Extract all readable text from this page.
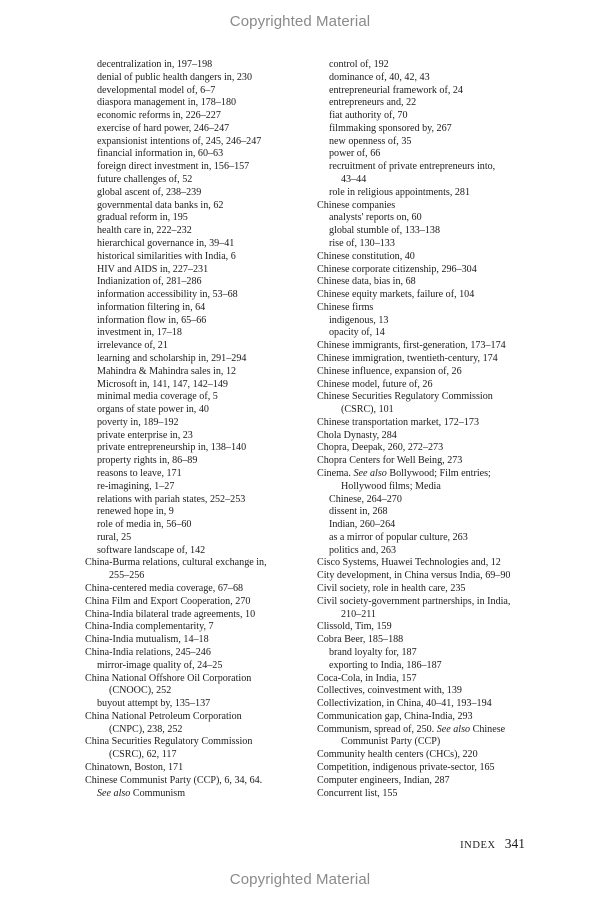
Copyrighted Material
decentralization in, 197–198
denial of public health dangers in, 230
developmental model of, 6–7
diaspora management in, 178–180
economic reforms in, 226–227
exercise of hard power, 246–247
expansionist intentions of, 245, 246–247
financial information in, 60–63
foreign direct investment in, 156–157
future challenges of, 52
global ascent of, 238–239
governmental data banks in, 62
gradual reform in, 195
health care in, 222–232
hierarchical governance in, 39–41
historical similarities with India, 6
HIV and AIDS in, 227–231
Indianization of, 281–286
information accessibility in, 53–68
information filtering in, 64
information flow in, 65–66
investment in, 17–18
irrelevance of, 21
learning and scholarship in, 291–294
Mahindra & Mahindra sales in, 12
Microsoft in, 141, 147, 142–149
minimal media coverage of, 5
organs of state power in, 40
poverty in, 189–192
private enterprise in, 23
private entrepreneurship in, 138–140
property rights in, 86–89
reasons to leave, 171
re-imagining, 1–27
relations with pariah states, 252–253
renewed hope in, 9
role of media in, 56–60
rural, 25
software landscape of, 142
China-Burma relations, cultural exchange in,
255–256
China-centered media coverage, 67–68
China Film and Export Cooperation, 270
China-India bilateral trade agreements, 10
China-India complementarity, 7
China-India mutualism, 14–18
China-India relations, 245–246
mirror-image quality of, 24–25
China National Offshore Oil Corporation
(CNOOC), 252
buyout attempt by, 135–137
China National Petroleum Corporation
(CNPC), 238, 252
China Securities Regulatory Commission
(CSRC), 62, 117
Chinatown, Boston, 171
Chinese Communist Party (CCP), 6, 34, 64.
See also Communism
control of, 192
dominance of, 40, 42, 43
entrepreneurial framework of, 24
entrepreneurs and, 22
fiat authority of, 70
filmmaking sponsored by, 267
new openness of, 35
power of, 66
recruitment of private entrepreneurs into,
43–44
role in religious appointments, 281
Chinese companies
analysts' reports on, 60
global stumble of, 133–138
rise of, 130–133
Chinese constitution, 40
Chinese corporate citizenship, 296–304
Chinese data, bias in, 68
Chinese equity markets, failure of, 104
Chinese firms
indigenous, 13
opacity of, 14
Chinese immigrants, first-generation, 173–174
Chinese immigration, twentieth-century, 174
Chinese influence, expansion of, 26
Chinese model, future of, 26
Chinese Securities Regulatory Commission
(CSRC), 101
Chinese transportation market, 172–173
Chola Dynasty, 284
Chopra, Deepak, 260, 272–273
Chopra Centers for Well Being, 273
Cinema. See also Bollywood; Film entries;
Hollywood films; Media
Chinese, 264–270
dissent in, 268
Indian, 260–264
as a mirror of popular culture, 263
politics and, 263
Cisco Systems, Huawei Technologies and, 12
City development, in China versus India, 69–90
Civil society, role in health care, 235
Civil society-government partnerships, in India,
210–211
Clissold, Tim, 159
Cobra Beer, 185–188
brand loyalty for, 187
exporting to India, 186–187
Coca-Cola, in India, 157
Collectives, coinvestment with, 139
Collectivization, in China, 40–41, 193–194
Communication gap, China-India, 293
Communism, spread of, 250. See also Chinese
Communist Party (CCP)
Community health centers (CHCs), 220
Competition, indigenous private-sector, 165
Computer engineers, Indian, 287
Concurrent list, 155
INDEX 341
Copyrighted Material
